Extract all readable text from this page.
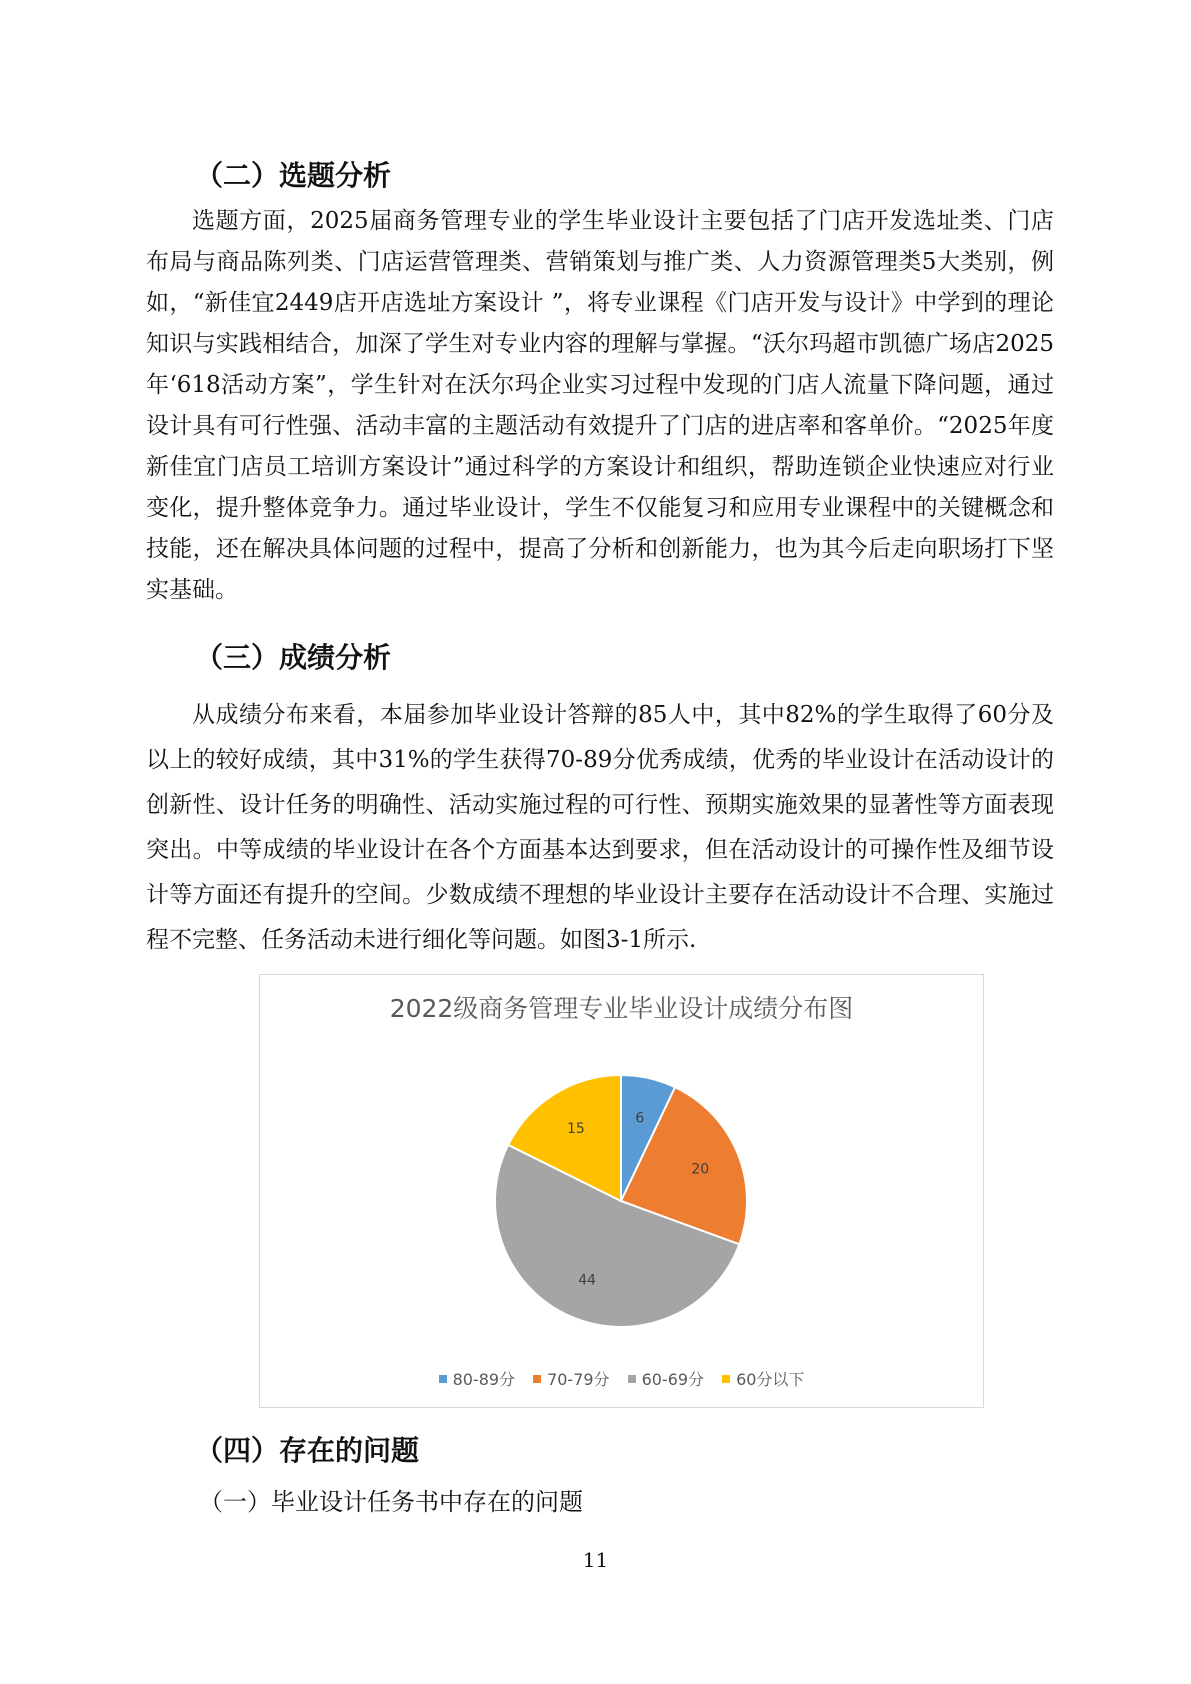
（二）选题分析

选题方面，2025届商务管理专业的学生毕业设计主要包括了门店开发选址类、门店布局与商品陈列类、门店运营管理类、营销策划与推广类、人力资源管理类5大类别，例如，“新佳宜2449店开店选址方案设计 ”，将专业课程《门店开发与设计》中学到的理论知识与实践相结合，加深了学生对专业内容的理解与掌握。“沃尔玛超市凯德广场店2025年‘618活动方案”，学生针对在沃尔玛企业实习过程中发现的门店人流量下降问题，通过设计具有可行性强、活动丰富的主题活动有效提升了门店的进店率和客单价。“2025年度新佳宜门店员工培训方案设计”通过科学的方案设计和组织，帮助连锁企业快速应对行业变化，提升整体竞争力。通过毕业设计，学生不仅能复习和应用专业课程中的关键概念和技能，还在解决具体问题的过程中，提高了分析和创新能力，也为其今后走向职场打下坚实基础。

（三）成绩分析

从成绩分布来看，本届参加毕业设计答辩的85人中，其中82%的学生取得了60分及以上的较好成绩，其中31%的学生获得70-89分优秀成绩，优秀的毕业设计在活动设计的创新性、设计任务的明确性、活动实施过程的可行性、预期实施效果的显著性等方面表现突出。中等成绩的毕业设计在各个方面基本达到要求，但在活动设计的可操作性及细节设计等方面还有提升的空间。少数成绩不理想的毕业设计主要存在活动设计不合理、实施过程不完整、任务活动未进行细化等问题。如图3-1所示.

2022级商务管理专业毕业设计成绩分布图
6
20
44
15
80-89分 70-79分 60-69分 60分以下
（四）存在的问题

（一）毕业设计任务书中存在的问题

11
